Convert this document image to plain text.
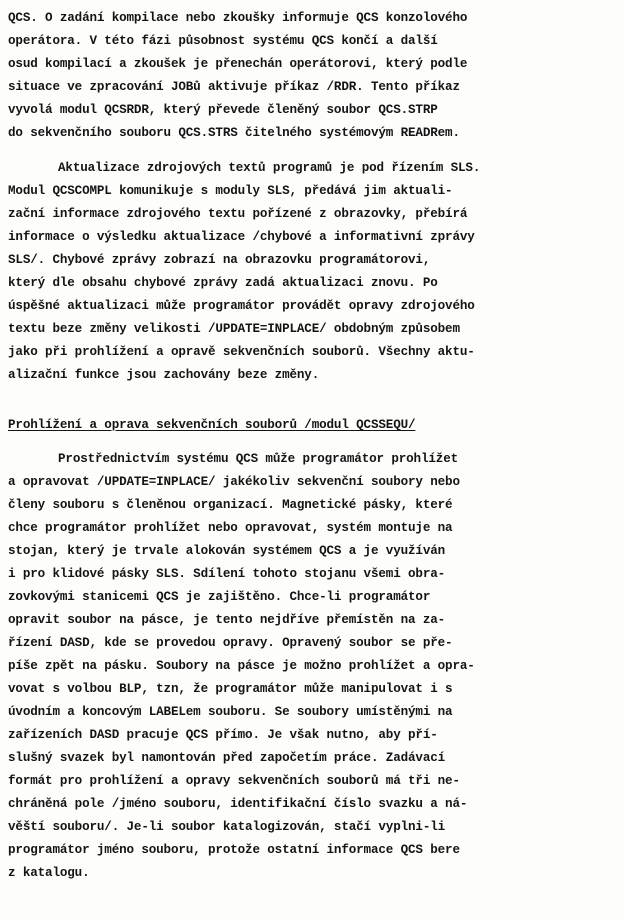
QCS. O zadání kompilace nebo zkoušky informuje QCS konzolového
operátora. V této fázi působnost systému QCS končí a další
osud kompilací a zkoušek je přenechán operátorovi, který podle
situace ve zpracování JOBů aktivuje příkaz /RDR. Tento příkaz
vyvolá modul QCSRDR, který převede členěný soubor QCS.STRP
do sekvenčního souboru QCS.STRS čitelného systémovým READRem.
Aktualizace zdrojových textů programů je pod řízením SLS.
Modul QCSCOMPL komunikuje s moduly SLS, předává jim aktuali-
zační informace zdrojového textu pořízené z obrazovky, přebírá
informace o výsledku aktualizace /chybové a informativní zprávy
SLS/. Chybové zprávy zobrazí na obrazovku programátorovi,
který dle obsahu chybové zprávy zadá aktualizaci znovu. Po
úspěšné aktualizaci může programátor provádět opravy zdrojového
textu beze změny velikosti /UPDATE=INPLACE/ obdobným způsobem
jako při prohlížení a opravě sekvenčních souborů. Všechny aktu-
alizační funkce jsou zachovány beze změny.
Prohlížení a oprava sekvenčních souborů /modul QCSSEQU/
Prostřednictvím systému QCS může programátor prohlížet
a opravovat /UPDATE=INPLACE/ jakékoliv sekvenční soubory nebo
členy souboru s členěnou organizací. Magnetické pásky, které
chce programátor prohlížet nebo opravovat, systém montuje na
stojan, který je trvale alokován systémem QCS a je využíván
i pro klidové pásky SLS. Sdílení tohoto stojanu všemi obra-
zovkovými stanicemi QCS je zajištěno. Chce-li programátor
opravit soubor na pásce, je tento nejdříve přemístěn na za-
řízení DASD, kde se provedou opravy. Opravený soubor se pře-
píše zpět na pásku. Soubory na pásce je možno prohlížet a opra-
vovat s volbou BLP, tzn, že programátor může manipulovat i s
úvodním a koncovým LABELem souboru. Se soubory umístěnými na
zařízeních DASD pracuje QCS přímo. Je však nutno, aby pří-
slušný svazek byl namontován před započetím práce. Zadávací
formát pro prohlížení a opravy sekvenčních souborů má tři ne-
chráněná pole /jméno souboru, identifikační číslo svazku a ná-
věští souboru/. Je-li soubor katalogizován, stačí vyplni-li
programátor jméno souboru, protože ostatní informace QCS bere
z katalogu.
